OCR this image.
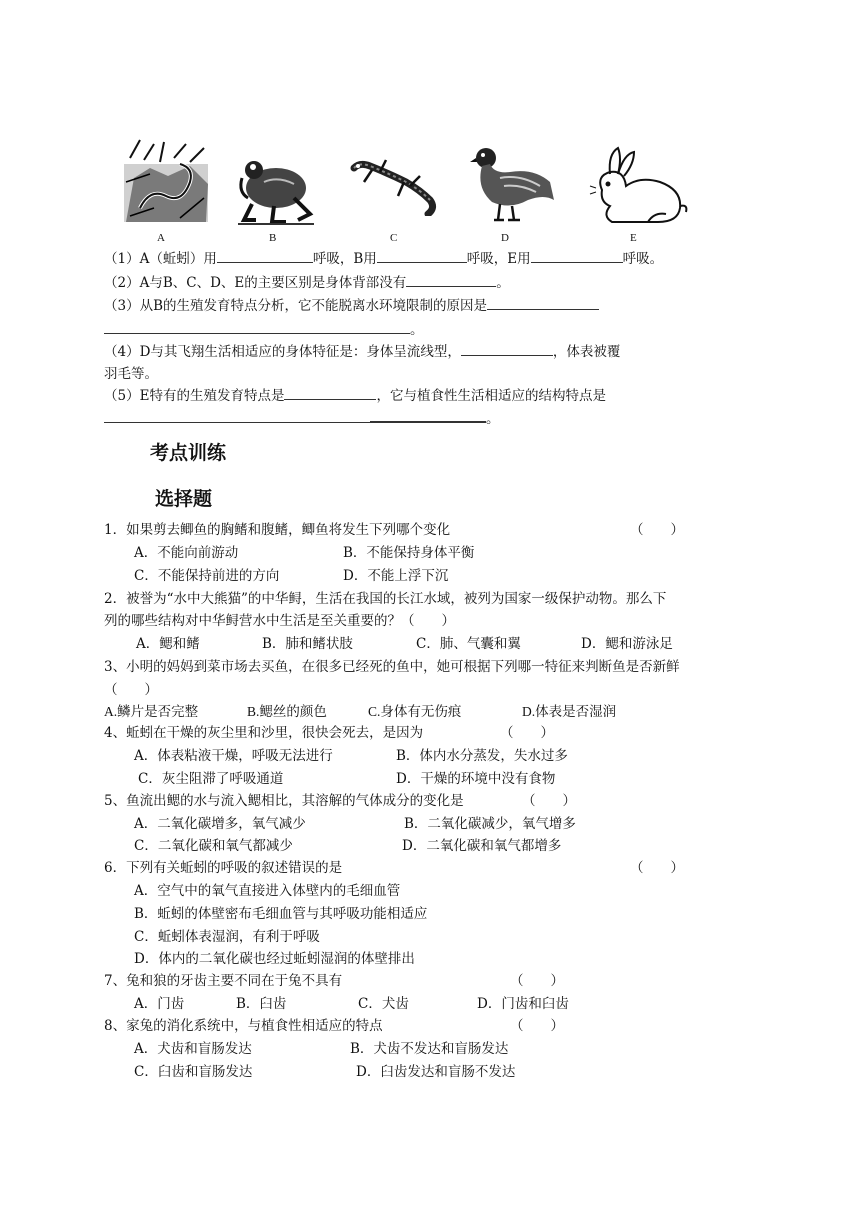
A	B	C	D	E
（1）A（蚯蚓）用	呼吸，B用	呼吸，E用	呼吸。
（2）A与B、C、D、E的主要区别是身体背部没有	。
（3）从B的生殖发育特点分析，它不能脱离水环境限制的原因是
。
（4）D与其飞翔生活相适应的身体特征是：身体呈流线型，	，体表被覆
羽毛等。
（5）E特有的生殖发育特点是	，它与植食性生活相适应的结构特点是
。
考点训练
选择题
1．如果剪去鲫鱼的胸鳍和腹鳍，鲫鱼将发生下列哪个变化	（　　）
A．不能向前游动	B．不能保持身体平衡
C．不能保持前进的方向	D．不能上浮下沉
2．被誉为“水中大熊猫”的中华鲟，生活在我国的长江水域，被列为国家一级保护动物。那么下
列的哪些结构对中华鲟营水中生活是至关重要的？（　　）
A．鳃和鳍	B．肺和鳍状肢	C．肺、气囊和翼	D．鳃和游泳足
3、小明的妈妈到菜市场去买鱼，在很多已经死的鱼中，她可根据下列哪一特征来判断鱼是否新鲜
（　　）
A.鳞片是否完整	B.鳃丝的颜色	C.身体有无伤痕	D.体表是否湿润
4、蚯蚓在干燥的灰尘里和沙里，很快会死去，是因为	（　　）
A．体表粘液干燥，呼吸无法进行	B．体内水分蒸发，失水过多
C．灰尘阻滞了呼吸通道	D．干燥的环境中没有食物
5、鱼流出鳃的水与流入鳃相比，其溶解的气体成分的变化是	（　　）
A．二氧化碳增多，氧气减少	B．二氧化碳减少，氧气增多
C．二氧化碳和氧气都减少	D．二氧化碳和氧气都增多
6．下列有关蚯蚓的呼吸的叙述错误的是	（　　）
A．空气中的氧气直接进入体壁内的毛细血管
B．蚯蚓的体壁密布毛细血管与其呼吸功能相适应
C．蚯蚓体表湿润，有利于呼吸
D．体内的二氧化碳也经过蚯蚓湿润的体壁排出
7、兔和狼的牙齿主要不同在于兔不具有	（　　）
A．门齿	B．臼齿	C．犬齿	D．门齿和臼齿
8、家兔的消化系统中，与植食性相适应的特点	（　　）
A．犬齿和盲肠发达	B．犬齿不发达和盲肠发达
C．臼齿和盲肠发达	D．臼齿发达和盲肠不发达
